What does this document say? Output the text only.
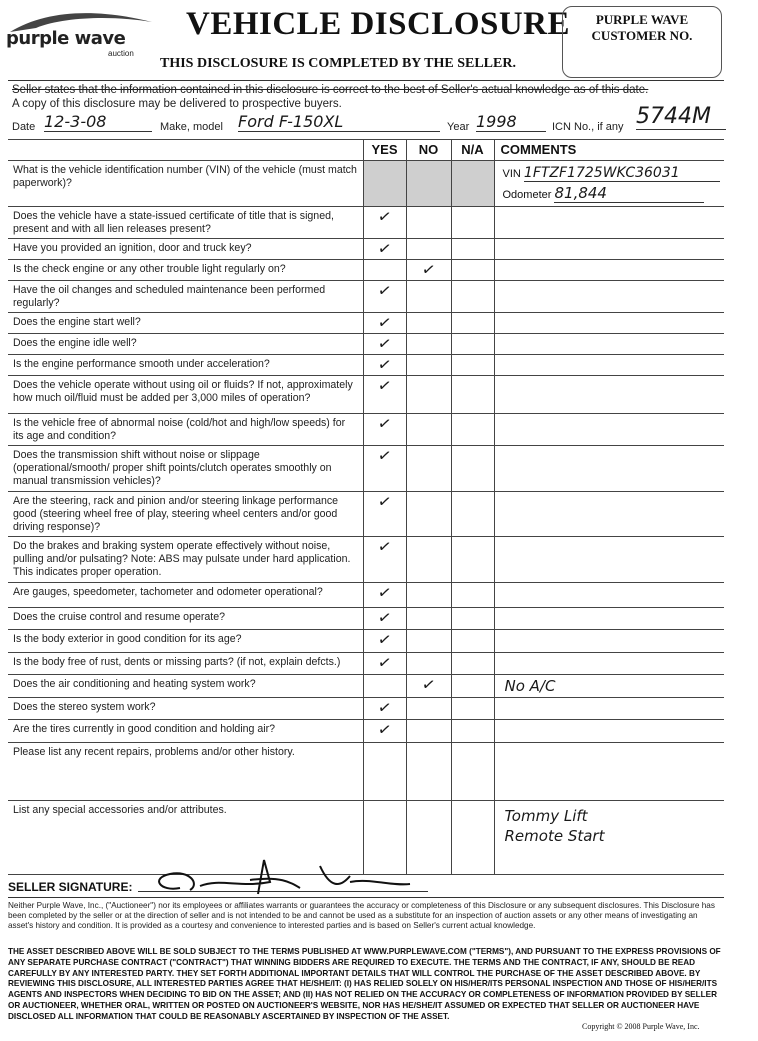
purple wave
auction
VEHICLE DISCLOSURE
THIS DISCLOSURE IS COMPLETED BY THE SELLER.
PURPLE WAVE
CUSTOMER NO.
Seller states that the information contained in this disclosure is correct to the best of Seller's actual knowledge as of this date.
A copy of this disclosure may be delivered to prospective buyers.
Date 12-3-08	Make, model Ford F-150XL	Year 1998	ICN No., if any 5744M
	YES	NO	N/A	COMMENTS
What is the vehicle identification number (VIN) of the vehicle (must match paperwork)?				VIN 1FTZF1725WKC36031
Odometer 81,844

Does the vehicle have a state-issued certificate of title that is signed, present and with all lien releases present?	✓			
Have you provided an ignition, door and truck key?	✓			
Is the check engine or any other trouble light regularly on?		✓		
Have the oil changes and scheduled maintenance been performed regularly?	✓			
Does the engine start well?	✓			
Does the engine idle well?	✓			
Is the engine performance smooth under acceleration?	✓			
Does the vehicle operate without using oil or fluids? If not, approximately how much oil/fluid must be added per 3,000 miles of operation?	✓			
Is the vehicle free of abnormal noise (cold/hot and high/low speeds) for its age and condition?	✓			
Does the transmission shift without noise or slippage (operational/smooth/ proper shift points/clutch operates smoothly on manual transmission vehicles)?	✓			
Are the steering, rack and pinion and/or steering linkage performance good (steering wheel free of play, steering wheel centers and/or good driving response)?	✓			
Do the brakes and braking system operate effectively without noise, pulling and/or pulsating? Note: ABS may pulsate under hard application. This indicates proper operation.	✓			
Are gauges, speedometer, tachometer and odometer operational?	✓			
Does the cruise control and resume operate?	✓			
Is the body exterior in good condition for its age?	✓			
Is the body free of rust, dents or missing parts? (if not, explain defcts.)	✓			
Does the air conditioning and heating system work?		✓		No A/C

Does the stereo system work?	✓			
Are the tires currently in good condition and holding air?	✓			
Please list any recent repairs, problems and/or other history.				
List any special accessories and/or attributes.				Tommy Lift
Remote Start
SELLER SIGNATURE:
Neither Purple Wave, Inc., ("Auctioneer") nor its employees or affiliates warrants or guarantees the accuracy or completeness of this Disclosure or any subsequent disclosures. This Disclosure has been completed by the seller or at the direction of seller and is not intended to be and cannot be used as a substitute for an inspection of auction assets or any other means of investigating an asset's history and condition. It is provided as a courtesy and convenience to interested parties and is based on Seller's current actual knowledge.
THE ASSET DESCRIBED ABOVE WILL BE SOLD SUBJECT TO THE TERMS PUBLISHED AT WWW.PURPLEWAVE.COM ("TERMS"), AND PURSUANT TO THE EXPRESS PROVISIONS OF ANY SEPARATE PURCHASE CONTRACT ("CONTRACT") THAT WINNING BIDDERS ARE REQUIRED TO EXECUTE. THE TERMS AND THE CONTRACT, IF ANY, SHOULD BE READ CAREFULLY BY ANY INTERESTED PARTY. THEY SET FORTH ADDITIONAL IMPORTANT DETAILS THAT WILL CONTROL THE PURCHASE OF THE ASSET DESCRIBED ABOVE. BY REVIEWING THIS DISCLOSURE, ALL INTERESTED PARTIES AGREE THAT HE/SHE/IT: (I) HAS RELIED SOLELY ON HIS/HER/ITS PERSONAL INSPECTION AND THOSE OF HIS/HER/ITS AGENTS AND INSPECTORS WHEN DECIDING TO BID ON THE ASSET; AND (II) HAS NOT RELIED ON THE ACCURACY OR COMPLETENESS OF INFORMATION PROVIDED BY SELLER OR AUCTIONEER, WHETHER ORAL, WRITTEN OR POSTED ON AUCTIONEER'S WEBSITE, NOR HAS HE/SHE/IT ASSUMED OR EXPECTED THAT SELLER OR AUCTIONEER HAVE DISCLOSED ALL INFORMATION THAT COULD BE REASONABLY ASCERTAINED BY INSPECTION OF THE ASSET.
Copyright © 2008 Purple Wave, Inc.
